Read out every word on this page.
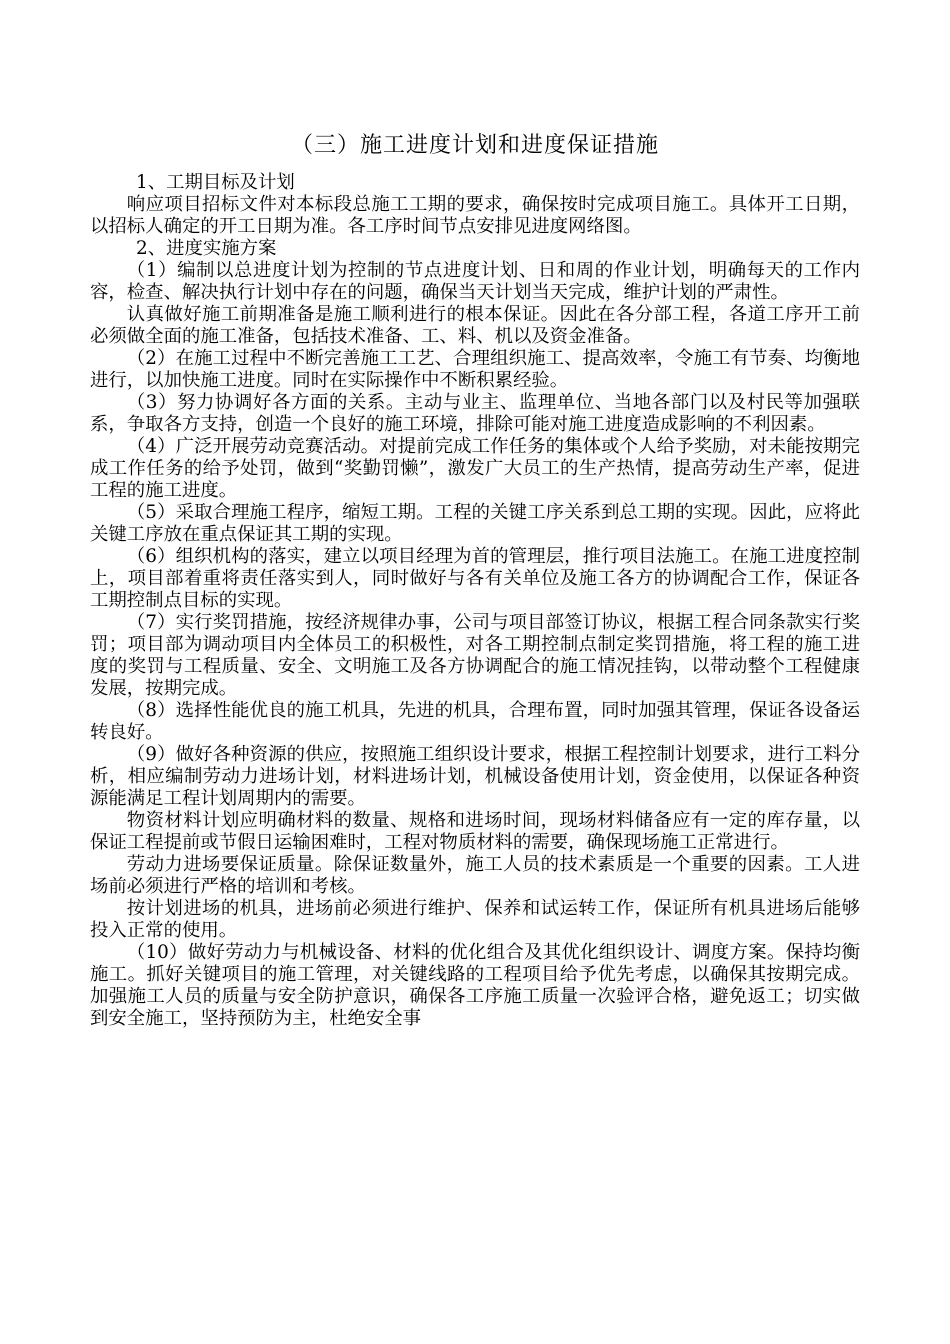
（三）施工进度计划和进度保证措施

1、工期目标及计划

响应项目招标文件对本标段总施工工期的要求，确保按时完成项目施工。具体开工日期，以招标人确定的开工日期为准。各工序时间节点安排见进度网络图。

2、进度实施方案

（1）编制以总进度计划为控制的节点进度计划、日和周的作业计划，明确每天的工作内容，检查、解决执行计划中存在的问题，确保当天计划当天完成，维护计划的严肃性。

认真做好施工前期准备是施工顺利进行的根本保证。因此在各分部工程，各道工序开工前必须做全面的施工准备，包括技术准备、工、料、机以及资金准备。

（2）在施工过程中不断完善施工工艺、合理组织施工、提高效率，令施工有节奏、均衡地进行，以加快施工进度。同时在实际操作中不断积累经验。

（3）努力协调好各方面的关系。主动与业主、监理单位、当地各部门以及村民等加强联系，争取各方支持，创造一个良好的施工环境，排除可能对施工进度造成影响的不利因素。

（4）广泛开展劳动竞赛活动。对提前完成工作任务的集体或个人给予奖励，对未能按期完成工作任务的给予处罚，做到“奖勤罚懒”，激发广大员工的生产热情，提高劳动生产率，促进工程的施工进度。

（5）采取合理施工程序，缩短工期。工程的关键工序关系到总工期的实现。因此，应将此关键工序放在重点保证其工期的实现。

（6）组织机构的落实，建立以项目经理为首的管理层，推行项目法施工。在施工进度控制上，项目部着重将责任落实到人，同时做好与各有关单位及施工各方的协调配合工作，保证各工期控制点目标的实现。

（7）实行奖罚措施，按经济规律办事，公司与项目部签订协议，根据工程合同条款实行奖罚；项目部为调动项目内全体员工的积极性，对各工期控制点制定奖罚措施，将工程的施工进度的奖罚与工程质量、安全、文明施工及各方协调配合的施工情况挂钩，以带动整个工程健康发展，按期完成。

（8）选择性能优良的施工机具，先进的机具，合理布置，同时加强其管理，保证各设备运转良好。

（9）做好各种资源的供应，按照施工组织设计要求，根据工程控制计划要求，进行工料分析，相应编制劳动力进场计划，材料进场计划，机械设备使用计划，资金使用，以保证各种资源能满足工程计划周期内的需要。

物资材料计划应明确材料的数量、规格和进场时间，现场材料储备应有一定的库存量，以保证工程提前或节假日运输困难时，工程对物质材料的需要，确保现场施工正常进行。

劳动力进场要保证质量。除保证数量外，施工人员的技术素质是一个重要的因素。工人进场前必须进行严格的培训和考核。

按计划进场的机具，进场前必须进行维护、保养和试运转工作，保证所有机具进场后能够投入正常的使用。

（10）做好劳动力与机械设备、材料的优化组合及其优化组织设计、调度方案。保持均衡施工。抓好关键项目的施工管理，对关键线路的工程项目给予优先考虑，以确保其按期完成。加强施工人员的质量与安全防护意识，确保各工序施工质量一次验评合格，避免返工；切实做到安全施工，坚持预防为主，杜绝安全事
